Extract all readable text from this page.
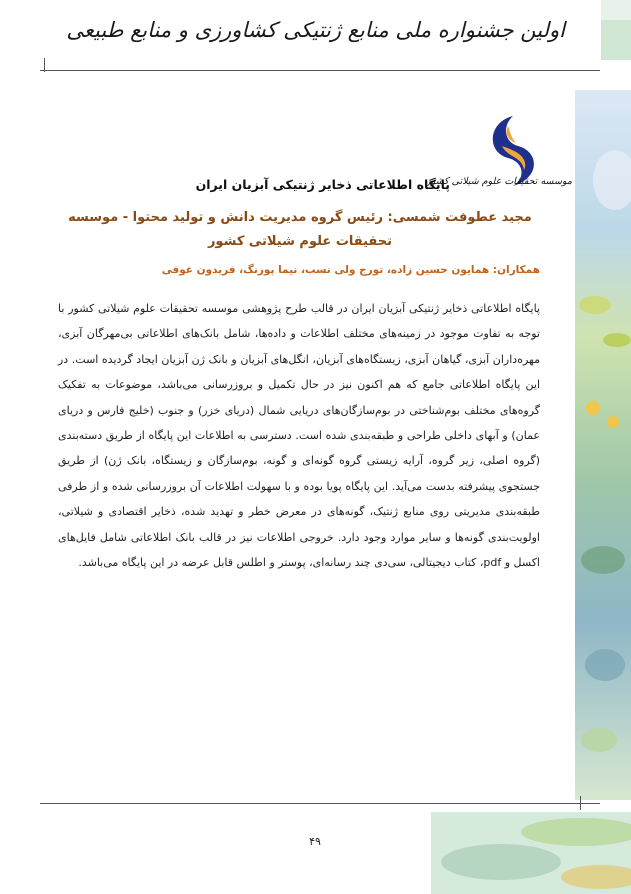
اولین جشنواره ملی منابع ژنتیکی کشاورزی و منابع طبیعی
موسسه تحقیقات علوم شیلاتی کشور
پایگاه اطلاعاتی ذخایر ژنتیکی آبزیان ایران
مجید عطوفت شمسی: رئیس گروه مدیریت دانش و تولید محتوا - موسسه تحقیقات علوم شیلاتی کشور
همکاران: همایون حسین زاده، تورج ولی نسب، نیما پورنگ، فریدون عوفی

پایگاه اطلاعاتی ذخایر ژنتیکی آبزیان ایران در قالب طرح پژوهشی موسسه تحقیقات علوم شیلاتی کشور با توجه به تفاوت موجود در زمینه‌های مختلف اطلاعات و داده‌ها، شامل بانک‌های اطلاعاتی بی‌مهرگان آبزی، مهره‌داران آبزی، گیاهان آبزی، زیستگاه‌های آبزیان، انگل‌های آبزیان و بانک ژن آبزیان ایجاد گردیده است. در این پایگاه اطلاعاتی جامع که هم اکنون نیز در حال تکمیل و بروزرسانی می‌باشد، موضوعات به تفکیک گروه‌های مختلف بوم‌شناختی در بوم‌سازگان‌های دریایی شمال (دریای خزر) و جنوب (خلیج فارس و دریای عمان) و آبهای داخلی طراحی و طبقه‌بندی شده است. دسترسی به اطلاعات این پایگاه از طریق دسته‌بندی (گروه اصلی، زیر گروه، آرایه زیستی گروه گونه‌ای و گونه، بوم‌سازگان و زیستگاه، بانک ژن) از طریق جستجوی پیشرفته بدست می‌آید. این پایگاه پویا بوده و با سهولت اطلاعات آن بروزرسانی شده و از طرفی طبقه‌بندی مدیریتی روی منابع ژنتیک، گونه‌های در معرض خطر و تهدید شده، ذخایر اقتصادی و شیلاتی، اولویت‌بندی گونه‌ها و سایر موارد وجود دارد. خروجی اطلاعات نیز در قالب بانک اطلاعاتی شامل فایل‌های اکسل و pdf، کتاب دیجیتالی، سی‌دی چند رسانه‌ای، پوستر و اطلس قابل عرضه در این پایگاه می‌باشد.

۴۹
